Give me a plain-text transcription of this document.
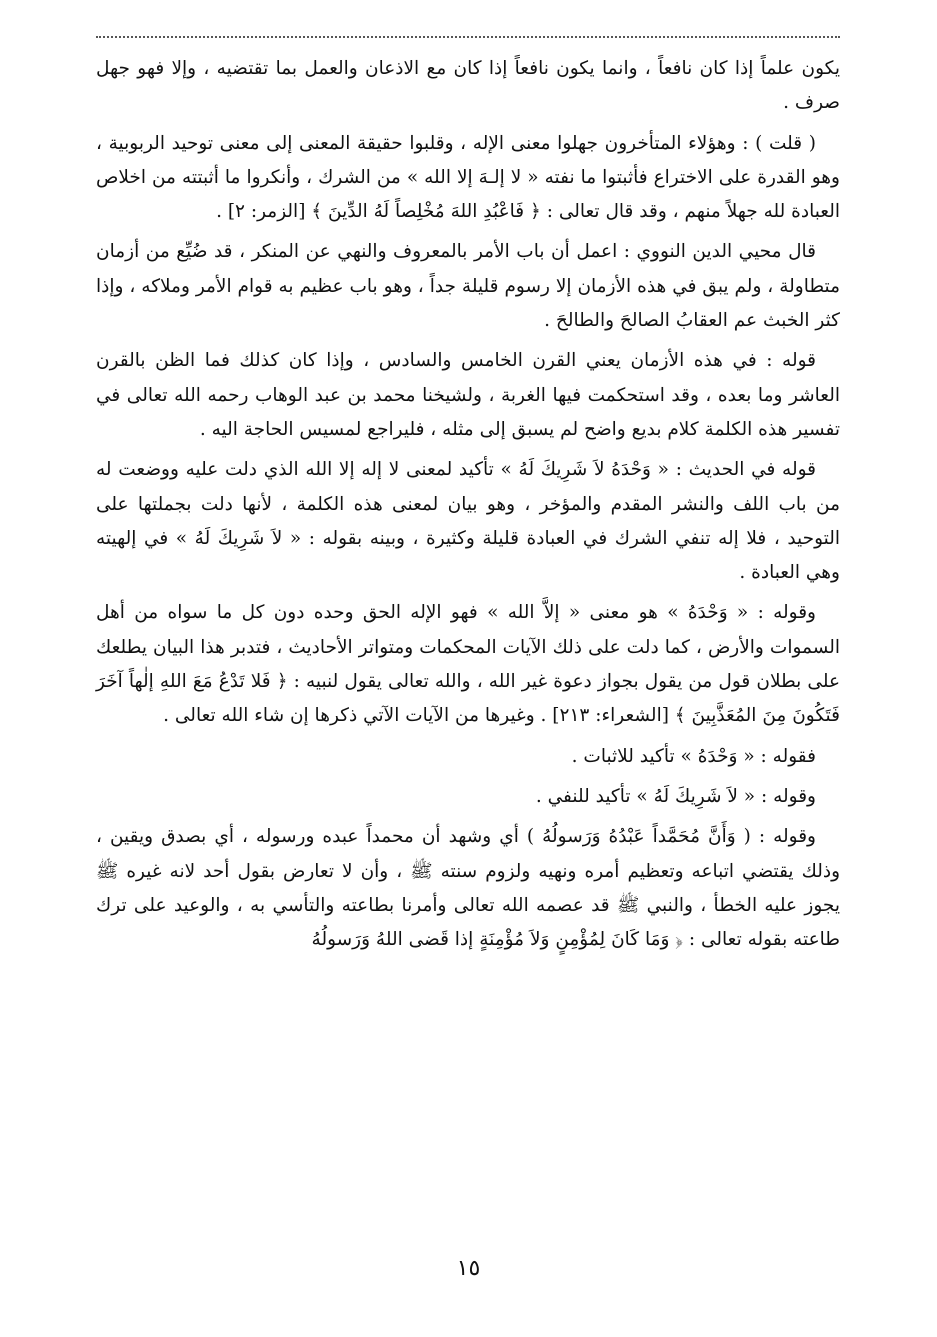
يكون علماً إذا كان نافعاً ، وانما يكون نافعاً إذا كان مع الاذعان والعمل بما تقتضيه ، وإلا فهو جهل صرف .

( قلت ) : وهؤلاء المتأخرون جهلوا معنى الإله ، وقلبوا حقيقة المعنى إلى معنى توحيد الربوبية ، وهو القدرة على الاختراع فأثبتوا ما نفته « لا إلـهَ إلا الله » من الشرك ، وأنكروا ما أثبتته من اخلاص العبادة لله جهلاً منهم ، وقد قال تعالى : ﴿ فَاعْبُدِ اللهَ مُخْلِصاً لَهُ الدِّينَ ﴾ [الزمر: ٢] .

قال محيي الدين النووي : اعمل أن باب الأمر بالمعروف والنهي عن المنكر ، قد ضُيِّع من أزمان متطاولة ، ولم يبق في هذه الأزمان إلا رسوم قليلة جداً ، وهو باب عظيم به قوام الأمر وملاكه ، وإذا كثر الخبث عم العقابُ الصالحَ والطالحَ .

قوله : في هذه الأزمان يعني القرن الخامس والسادس ، وإذا كان كذلك فما الظن بالقرن العاشر وما بعده ، وقد استحكمت فيها الغربة ، ولشيخنا محمد بن عبد الوهاب رحمه الله تعالى في تفسير هذه الكلمة كلام بديع واضح لم يسبق إلى مثله ، فليراجع لمسيس الحاجة اليه .

قوله في الحديث : « وَحْدَهُ لاَ شَرِيكَ لَهُ » تأكيد لمعنى لا إله إلا الله الذي دلت عليه ووضعت له من باب اللف والنشر المقدم والمؤخر ، وهو بيان لمعنى هذه الكلمة ، لأنها دلت بجملتها على التوحيد ، فلا إله تنفي الشرك في العبادة قليلة وكثيرة ، وبينه بقوله : « لاَ شَرِيكَ لَهُ » في إلهيته وهي العبادة .

وقوله : « وَحْدَهُ » هو معنى « إلاَّ الله » فهو الإله الحق وحده دون كل ما سواه من أهل السموات والأرض ، كما دلت على ذلك الآيات المحكمات ومتواتر الأحاديث ، فتدبر هذا البيان يطلعك على بطلان قول من يقول بجواز دعوة غير الله ، والله تعالى يقول لنبيه : ﴿ فَلا تَدْعُ مَعَ اللهِ إلٰهاً آخَرَ فَتَكُونَ مِنَ المُعَذَّبِينَ ﴾ [الشعراء: ٢١٣] . وغيرها من الآيات الآتي ذكرها إن شاء الله تعالى .

فقوله : « وَحْدَهُ » تأكيد للاثبات .

وقوله : « لاَ شَرِيكَ لَهُ » تأكيد للنفي .

وقوله : ( وَأَنَّ مُحَمَّداً عَبْدُهُ وَرَسولُهُ ) أي وشهد أن محمداً عبده ورسوله ، أي بصدق ويقين ، وذلك يقتضي اتباعه وتعظيم أمره ونهيه ولزوم سنته ﷺ ، وأن لا تعارض بقول أحد لانه غيره ﷺ يجوز عليه الخطأ ، والنبي ﷺ قد عصمه الله تعالى وأمرنا بطاعته والتأسي به ، والوعيد على ترك طاعته بقوله تعالى : ﴿ وَمَا كَانَ لِمُؤْمِنٍ وَلاَ مُؤْمِنَةٍ إذا قَضى اللهُ وَرَسولُهُ

١٥
